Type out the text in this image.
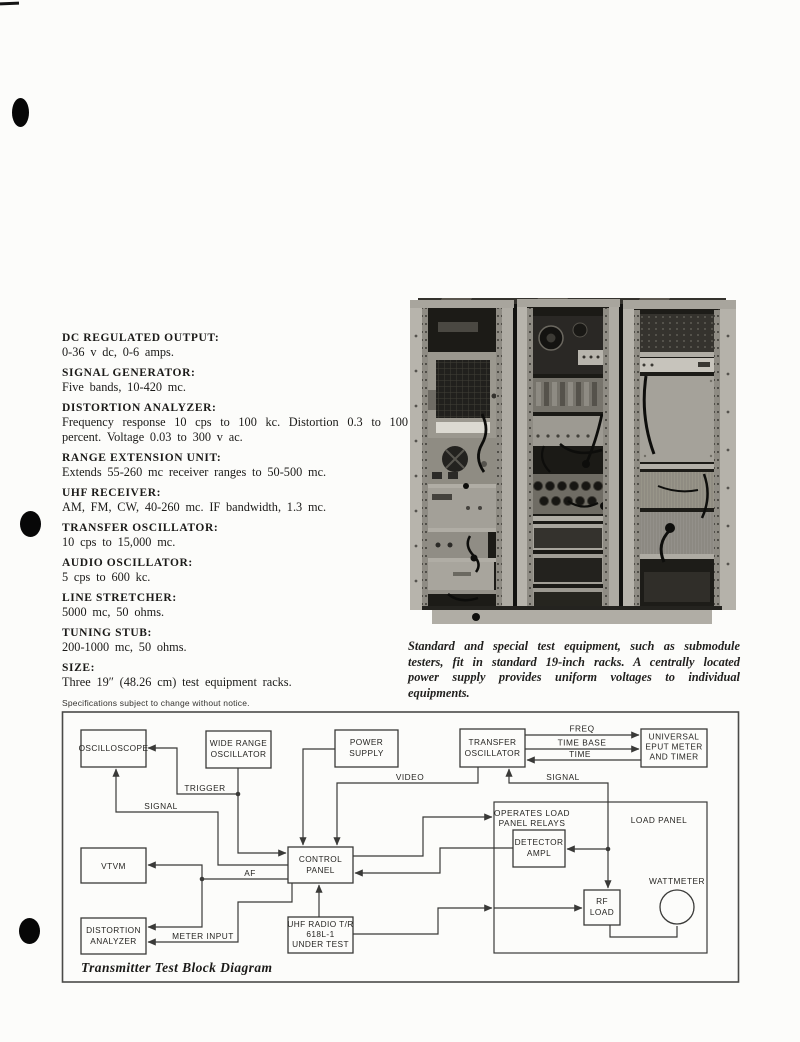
DC REGULATED OUTPUT:
0-36 v dc, 0-6 amps.
SIGNAL GENERATOR:
Five bands, 10-420 mc.
DISTORTION ANALYZER:
Frequency response 10 cps to 100 kc. Distortion 0.3 to 100 percent. Voltage 0.03 to 300 v ac.
RANGE EXTENSION UNIT:
Extends 55-260 mc receiver ranges to 50-500 mc.
UHF RECEIVER:
AM, FM, CW, 40-260 mc. IF bandwidth, 1.3 mc.
TRANSFER OSCILLATOR:
10 cps to 15,000 mc.
AUDIO OSCILLATOR:
5 cps to 600 kc.
LINE STRETCHER:
5000 mc, 50 ohms.
TUNING STUB:
200-1000 mc, 50 ohms.
SIZE:
Three 19″ (48.26 cm) test equipment racks.
Specifications subject to change without notice.
Standard and special test equipment, such as submodule testers, fit in standard 19-inch racks. A centrally located power supply provides uniform voltages to individual equipments.
OSCILLOSCOPE	WIDE RANGE
OSCILLATOR
POWER
SUPPLY
TRANSFER
OSCILLATOR
UNIVERSAL
EPUT METER
AND TIMER
CONTROL
PANEL
VTVM
DISTORTION
ANALYZER
UHF RADIO T/R
618L-1
UNDER TEST
DETECTOR
AMPL
RF
LOAD
TRIGGER
SIGNAL
VIDEO
FREQ
TIME BASE
TIME
SIGNAL
AF
METER INPUT
OPERATES LOAD
PANEL RELAYS	LOAD PANEL
WATTMETER
Transmitter Test Block Diagram
